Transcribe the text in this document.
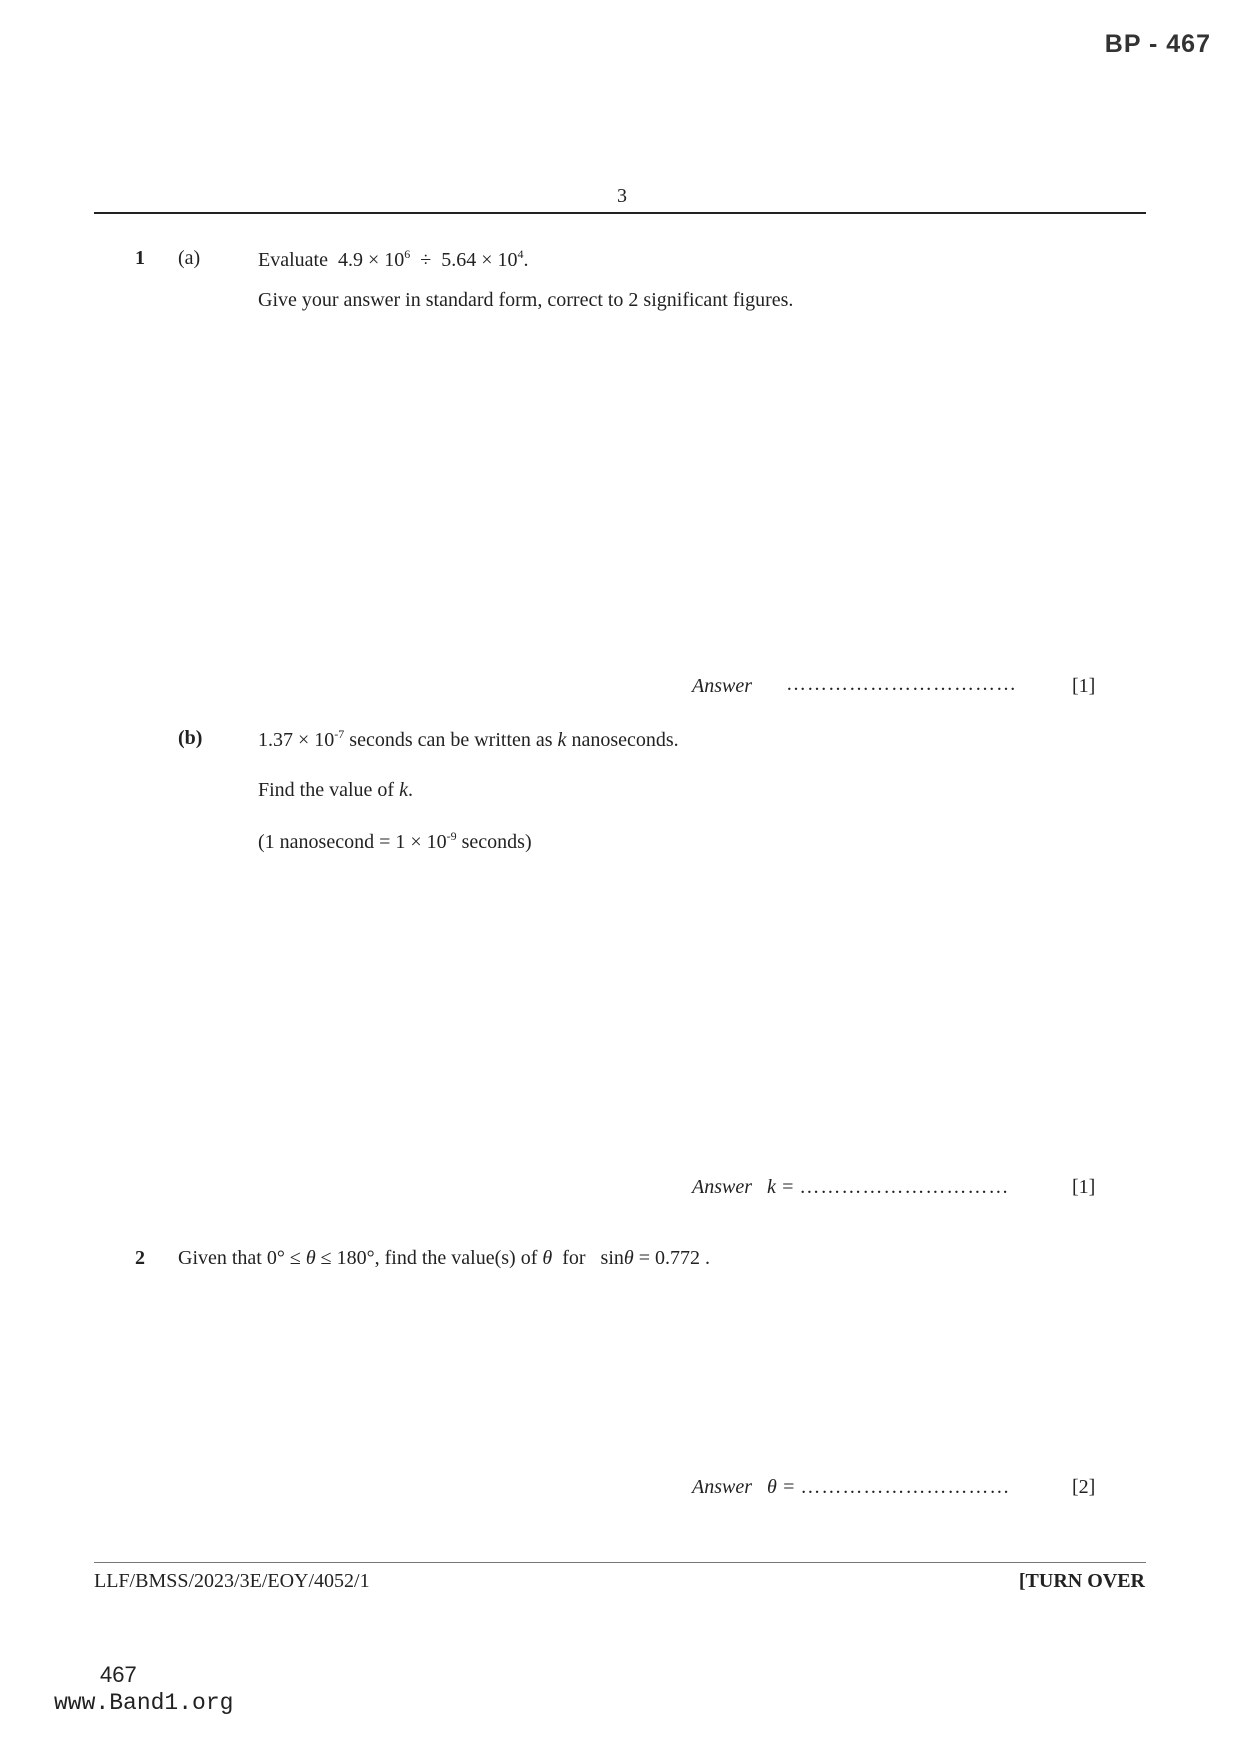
BP - 467
3
1 (a)	Evaluate $4.9 \times 10^6 \div 5.64 \times 10^4$.
Give your answer in standard form, correct to 2 significant figures.
Answer ……………………………	[1]
(b)	$1.37 \times 10^{-7}$ seconds can be written as k nanoseconds.
Find the value of k.
(1 nanosecond = $1 \times 10^{-9}$ seconds)
Answer k = …………………………	[1]
2 Given that 0° ≤ θ ≤ 180°, find the value(s) of θ for sinθ = 0.772 .
Answer θ = …………………………	[2]
LLF/BMSS/2023/3E/EOY/4052/1	[TURN OVER
467
www.Band1.org
